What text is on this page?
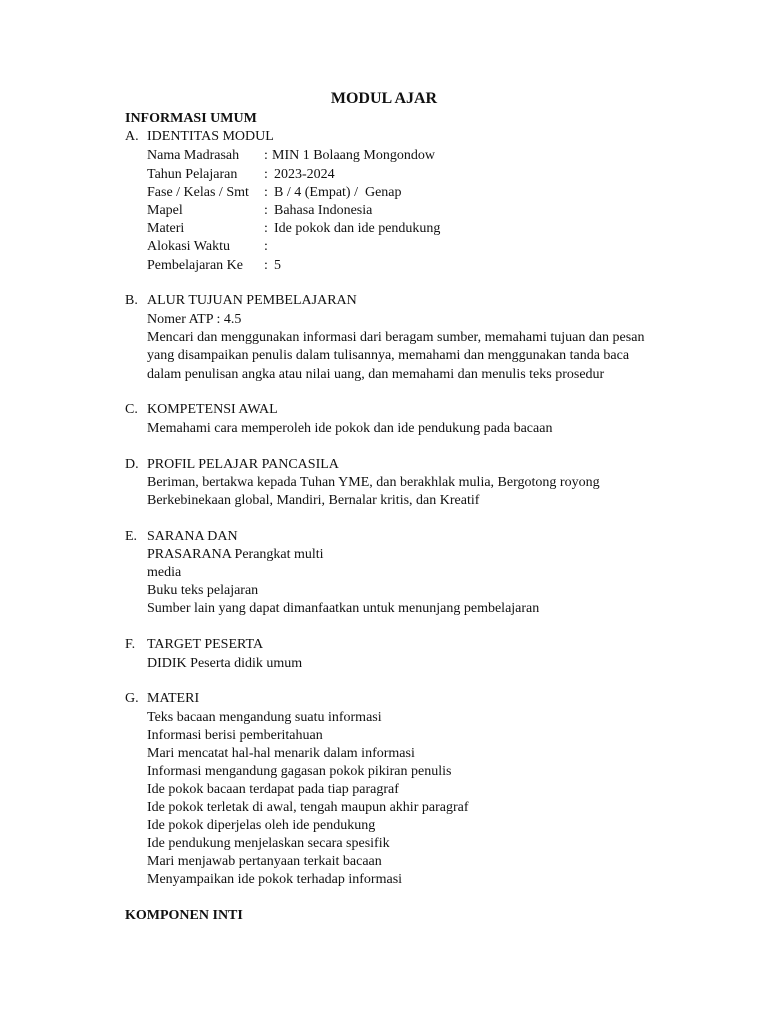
MODUL AJAR
INFORMASI UMUM
A. IDENTITAS MODUL
Nama Madrasah : MIN 1 Bolaang Mongondow
Tahun Pelajaran : 2023-2024
Fase / Kelas / Smt : B / 4 (Empat) /  Genap
Mapel	: Bahasa Indonesia
Materi	: Ide pokok dan ide pendukung
Alokasi Waktu :
Pembelajaran Ke : 5
B. ALUR TUJUAN PEMBELAJARAN
Nomer ATP : 4.5
Mencari dan menggunakan informasi dari beragam sumber, memahami tujuan dan pesan
yang disampaikan penulis dalam tulisannya, memahami dan menggunakan tanda baca
dalam penulisan angka atau nilai uang, dan memahami dan menulis teks prosedur
C. KOMPETENSI AWAL
Memahami cara memperoleh ide pokok dan ide pendukung pada bacaan
D. PROFIL PELAJAR PANCASILA
Beriman, bertakwa kepada Tuhan YME, dan berakhlak mulia, Bergotong royong
Berkebinekaan global, Mandiri, Bernalar kritis, dan Kreatif
E. SARANA DAN
PRASARANA Perangkat multi
media
Buku teks pelajaran
Sumber lain yang dapat dimanfaatkan untuk menunjang pembelajaran
F. TARGET PESERTA
DIDIK Peserta didik umum
G. MATERI
Teks bacaan mengandung suatu informasi
Informasi berisi pemberitahuan
Mari mencatat hal-hal menarik dalam informasi
Informasi mengandung gagasan pokok pikiran penulis
Ide pokok bacaan terdapat pada tiap paragraf
Ide pokok terletak di awal, tengah maupun akhir paragraf
Ide pokok diperjelas oleh ide pendukung
Ide pendukung menjelaskan secara spesifik
Mari menjawab pertanyaan terkait bacaan
Menyampaikan ide pokok terhadap informasi
KOMPONEN INTI
